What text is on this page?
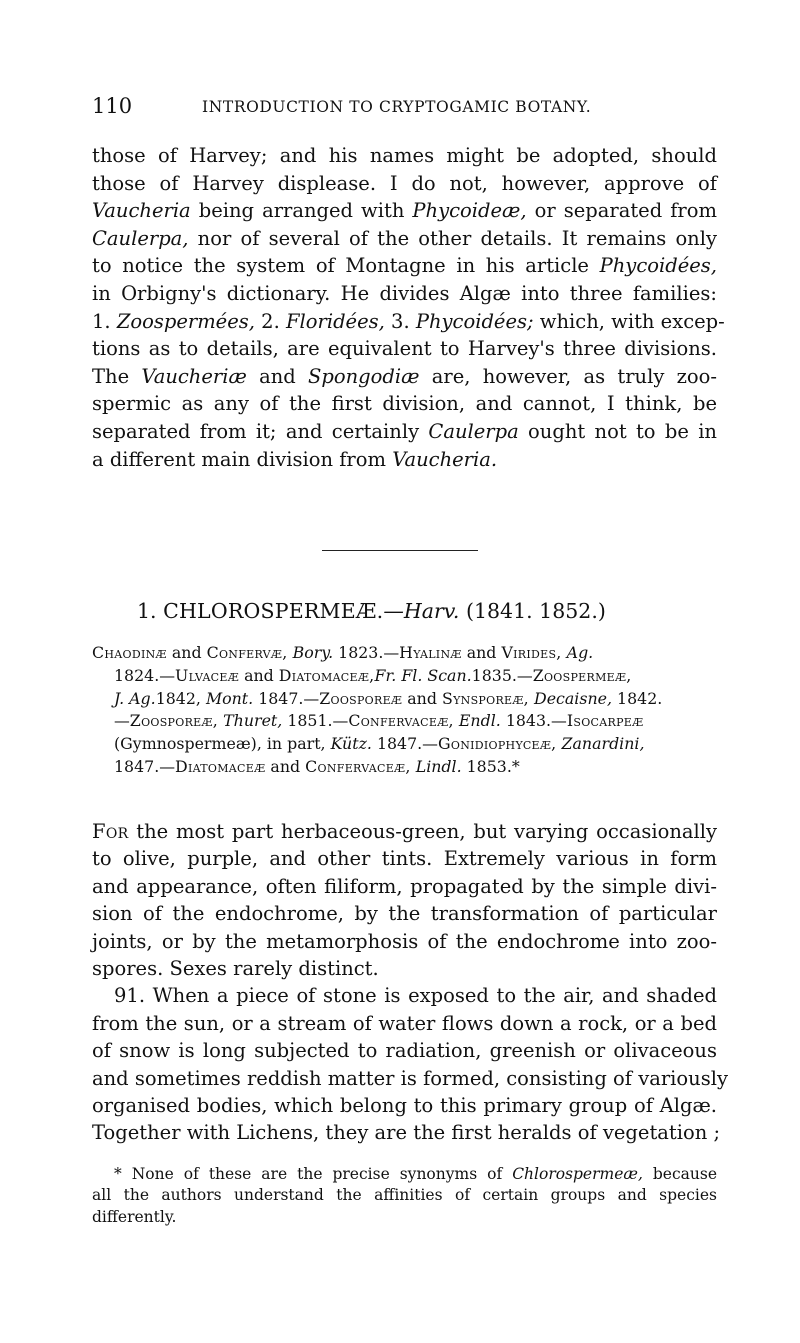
110	INTRODUCTION TO CRYPTOGAMIC BOTANY.
those of Harvey; and his names might be adopted, should
those of Harvey displease. I do not, however, approve of
Vaucheria being arranged with Phycoideæ, or separated from
Caulerpa, nor of several of the other details. It remains only
to notice the system of Montagne in his article Phycoidées,
in Orbigny's dictionary. He divides Algæ into three families:
1. Zoospermées, 2. Floridées, 3. Phycoidées; which, with excep-
tions as to details, are equivalent to Harvey's three divisions.
The Vaucheriæ and Spongodiæ are, however, as truly zoo-
spermic as any of the first division, and cannot, I think, be
separated from it; and certainly Caulerpa ought not to be in
a different main division from Vaucheria.
1. CHLOROSPERMEÆ.—Harv. (1841. 1852.)
Chaodinæ and Confervæ, Bory. 1823.—Hyalinæ and Virides, Ag.
1824.—Ulvaceæ and Diatomaceæ,Fr. Fl. Scan.1835.—Zoospermeæ,
J. Ag.1842, Mont. 1847.—Zoosporeæ and Synsporeæ, Decaisne, 1842.
—Zoosporeæ, Thuret, 1851.—Confervaceæ, Endl. 1843.—Isocarpeæ
(Gymnospermeæ), in part, Kütz. 1847.—Gonidiophyceæ, Zanardini,
1847.—Diatomaceæ and Confervaceæ, Lindl. 1853.*
For the most part herbaceous-green, but varying occasionally
to olive, purple, and other tints. Extremely various in form
and appearance, often filiform, propagated by the simple divi-
sion of the endochrome, by the transformation of particular
joints, or by the metamorphosis of the endochrome into zoo-
spores. Sexes rarely distinct.
91. When a piece of stone is exposed to the air, and shaded
from the sun, or a stream of water flows down a rock, or a bed
of snow is long subjected to radiation, greenish or olivaceous
and sometimes reddish matter is formed, consisting of variously
organised bodies, which belong to this primary group of Algæ.
Together with Lichens, they are the first heralds of vegetation ;
* None of these are the precise synonyms of Chlorospermeæ, because
all the authors understand the affinities of certain groups and species
differently.
